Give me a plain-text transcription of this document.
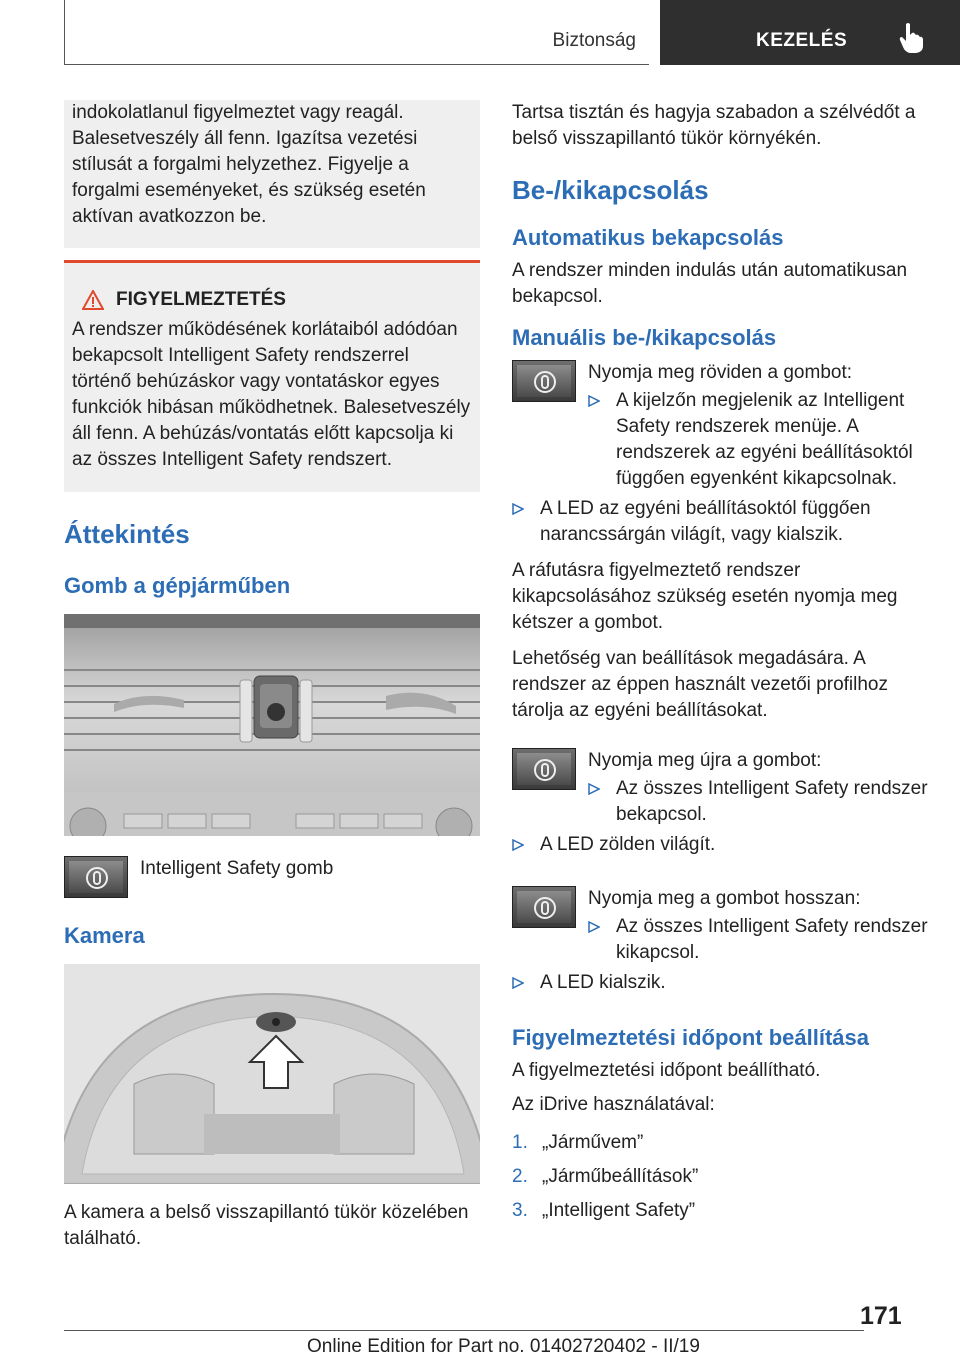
Biztonság	KEZELÉS

indokolatlanul figyelmeztet vagy reagál. Balesetveszély áll fenn. Igazítsa vezetési stílusát a forgalmi helyzethez. Figyelje a forgalmi eseményeket, és szükség esetén aktívan avatkozzon be.

FIGYELMEZTETÉS

A rendszer működésének korlátaiból adódóan bekapcsolt Intelligent Safety rendszerrel történő behúzáskor vagy vontatáskor egyes funkciók hibásan működhetnek. Balesetveszély áll fenn. A behúzás/vontatás előtt kapcsolja ki az összes Intelligent Safety rendszert.

Áttekintés
Gomb a gépjárműben

Intelligent Safety gomb

Kamera

A kamera a belső visszapillantó tükör közelében található.

Tartsa tisztán és hagyja szabadon a szélvédőt a belső visszapillantó tükör környékén.

Be-/kikapcsolás
Automatikus bekapcsolás

A rendszer minden indulás után automatikusan bekapcsol.

Manuális be-/kikapcsolás

Nyomja meg röviden a gombot:

A kijelzőn megjelenik az Intelligent Safety rendszerek menüje. A rendszerek az egyéni beállításoktól függően egyenként kikapcsolnak.
A LED az egyéni beállításoktól függően narancssárgán világít, vagy kialszik.

A ráfutásra figyelmeztető rendszer kikapcsolásához szükség esetén nyomja meg kétszer a gombot.

Lehetőség van beállítások megadására. A rendszer az éppen használt vezetői profilhoz tárolja az egyéni beállításokat.

Nyomja meg újra a gombot:

Az összes Intelligent Safety rendszer bekapcsol.
A LED zölden világít.

Nyomja meg a gombot hosszan:

Az összes Intelligent Safety rendszer kikapcsol.
A LED kialszik.
Figyelmeztetési időpont beállítása

A figyelmeztetési időpont beállítható.

Az iDrive használatával:

1. „Járművem”
2. „Járműbeállítások”
3. „Intelligent Safety”
171
Online Edition for Part no. 01402720402 - II/19
